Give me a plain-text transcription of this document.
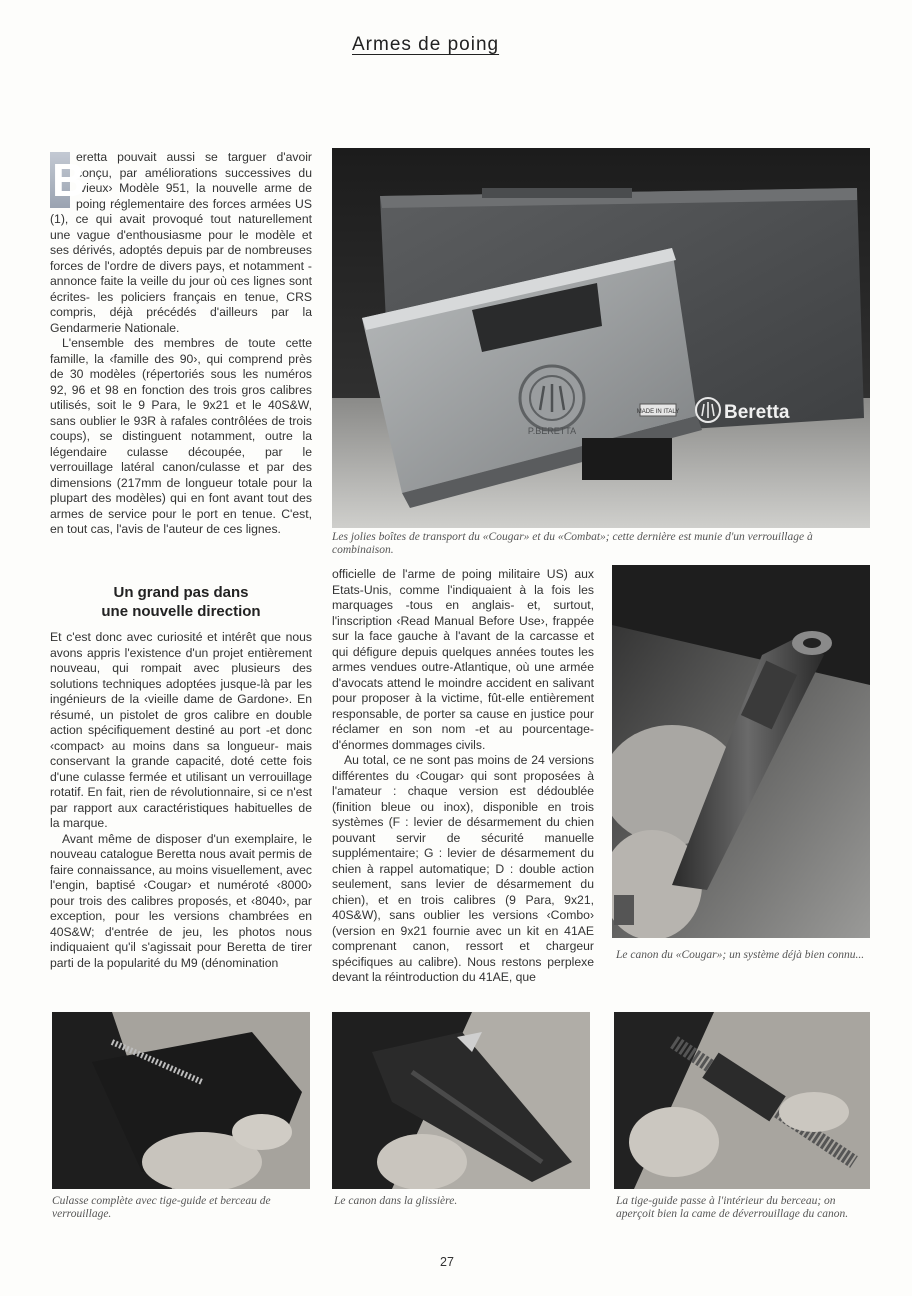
Armes de poing

B
eretta pouvait aussi se targuer d'avoir conçu, par améliorations successives du ‹vieux› Modèle 951, la nouvelle arme de poing réglementaire des forces armées US (1), ce qui avait provoqué tout naturellement une vague d'enthousiasme pour le modèle et ses dérivés, adoptés depuis par de nombreuses forces de l'ordre de divers pays, et notamment -annonce faite la veille du jour où ces lignes sont écrites- les policiers français en tenue, CRS compris, déjà précédés d'ailleurs par la Gendarmerie Nationale.

L'ensemble des membres de toute cette famille, la ‹famille des 90›, qui comprend près de 30 modèles (répertoriés sous les numéros 92, 96 et 98 en fonction des trois gros calibres utilisés, soit le 9 Para, le 9x21 et le 40S&W, sans oublier le 93R à rafales contrôlées de trois coups), se distinguent notamment, outre la légendaire culasse découpée, par le verrouillage latéral canon/culasse et par des dimensions (217mm de longueur totale pour la plupart des modèles) qui en font avant tout des armes de service pour le port en tenue. C'est, en tout cas, l'avis de l'auteur de ces lignes.

P.BERETTA
MADE IN ITALY Beretta
Les jolies boîtes de transport du «Cougar» et du «Combat»; cette dernière est munie d'un verrouillage à combinaison.
Un grand pas dans
une nouvelle direction

Et c'est donc avec curiosité et intérêt que nous avons appris l'existence d'un projet entièrement nouveau, qui rompait avec plusieurs des solutions techniques adoptées jusque-là par les ingénieurs de la ‹vieille dame de Gardone›. En résumé, un pistolet de gros calibre en double action spécifiquement destiné au port -et donc ‹compact› au moins dans sa longueur- mais conservant la grande capacité, doté cette fois d'une culasse fermée et utilisant un verrouillage rotatif. En fait, rien de révolutionnaire, si ce n'est par rapport aux caractéristiques habituelles de la marque.

Avant même de disposer d'un exemplaire, le nouveau catalogue Beretta nous avait permis de faire connaissance, au moins visuellement, avec l'engin, baptisé ‹Cougar› et numéroté ‹8000› pour trois des calibres proposés, et ‹8040›, par exception, pour les versions chambrées en 40S&W; d'entrée de jeu, les photos nous indiquaient qu'il s'agissait pour Beretta de tirer parti de la popularité du M9 (dénomination

officielle de l'arme de poing militaire US) aux Etats-Unis, comme l'indiquaient à la fois les marquages -tous en anglais- et, surtout, l'inscription ‹Read Manual Before Use›, frappée sur la face gauche à l'avant de la carcasse et qui défigure depuis quelques années toutes les armes vendues outre-Atlantique, où une armée d'avocats attend le moindre accident en salivant pour proposer à la victime, fût-elle entièrement responsable, de porter sa cause en justice pour réclamer en son nom -et au pourcentage- d'énormes dommages civils.

Au total, ce ne sont pas moins de 24 versions différentes du ‹Cougar› qui sont proposées à l'amateur : chaque version est dédoublée (finition bleue ou inox), disponible en trois systèmes (F : levier de désarmement du chien pouvant servir de sécurité manuelle supplémentaire; G : levier de désarmement du chien à rappel automatique; D : double action seulement, sans levier de désarmement du chien), et en trois calibres (9 Para, 9x21, 40S&W), sans oublier les versions ‹Combo› (version en 9x21 fournie avec un kit en 41AE comprenant canon, ressort et chargeur spécifiques au calibre). Nous restons perplexe devant la réintroduction du 41AE, que

Le canon du «Cougar»; un système déjà bien connu...
Culasse complète avec tige-guide et berceau de verrouillage.
Le canon dans la glissière.	La tige-guide passe à l'intérieur du berceau; on aperçoit bien la came de déverrouillage du canon.
27
